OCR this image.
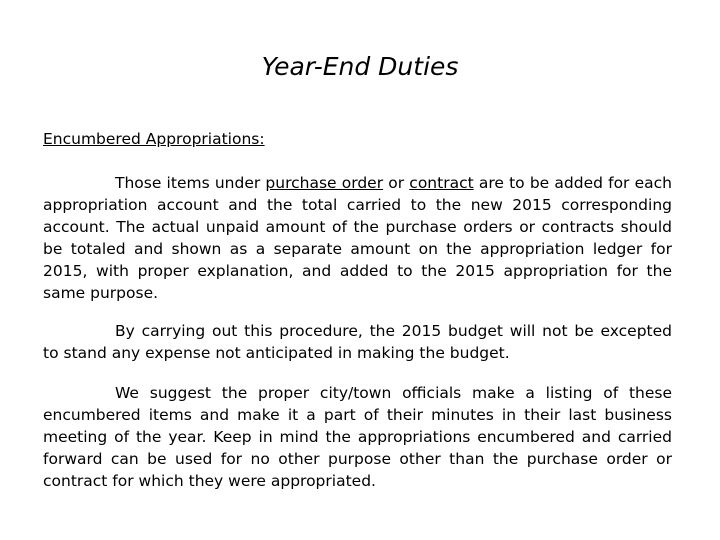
Year-End Duties
Encumbered Appropriations:

Those items under purchase order or contract are to be added for each appropriation account and the total carried to the new 2015 corresponding account. The actual unpaid amount of the purchase orders or contracts should be totaled and shown as a separate amount on the appropriation ledger for 2015, with proper explanation, and added to the 2015 appropriation for the same purpose.

By carrying out this procedure, the 2015 budget will not be excepted to stand any expense not anticipated in making the budget.

We suggest the proper city/town officials make a listing of these encumbered items and make it a part of their minutes in their last business meeting of the year. Keep in mind the appropriations encumbered and carried forward can be used for no other purpose other than the purchase order or contract for which they were appropriated.
